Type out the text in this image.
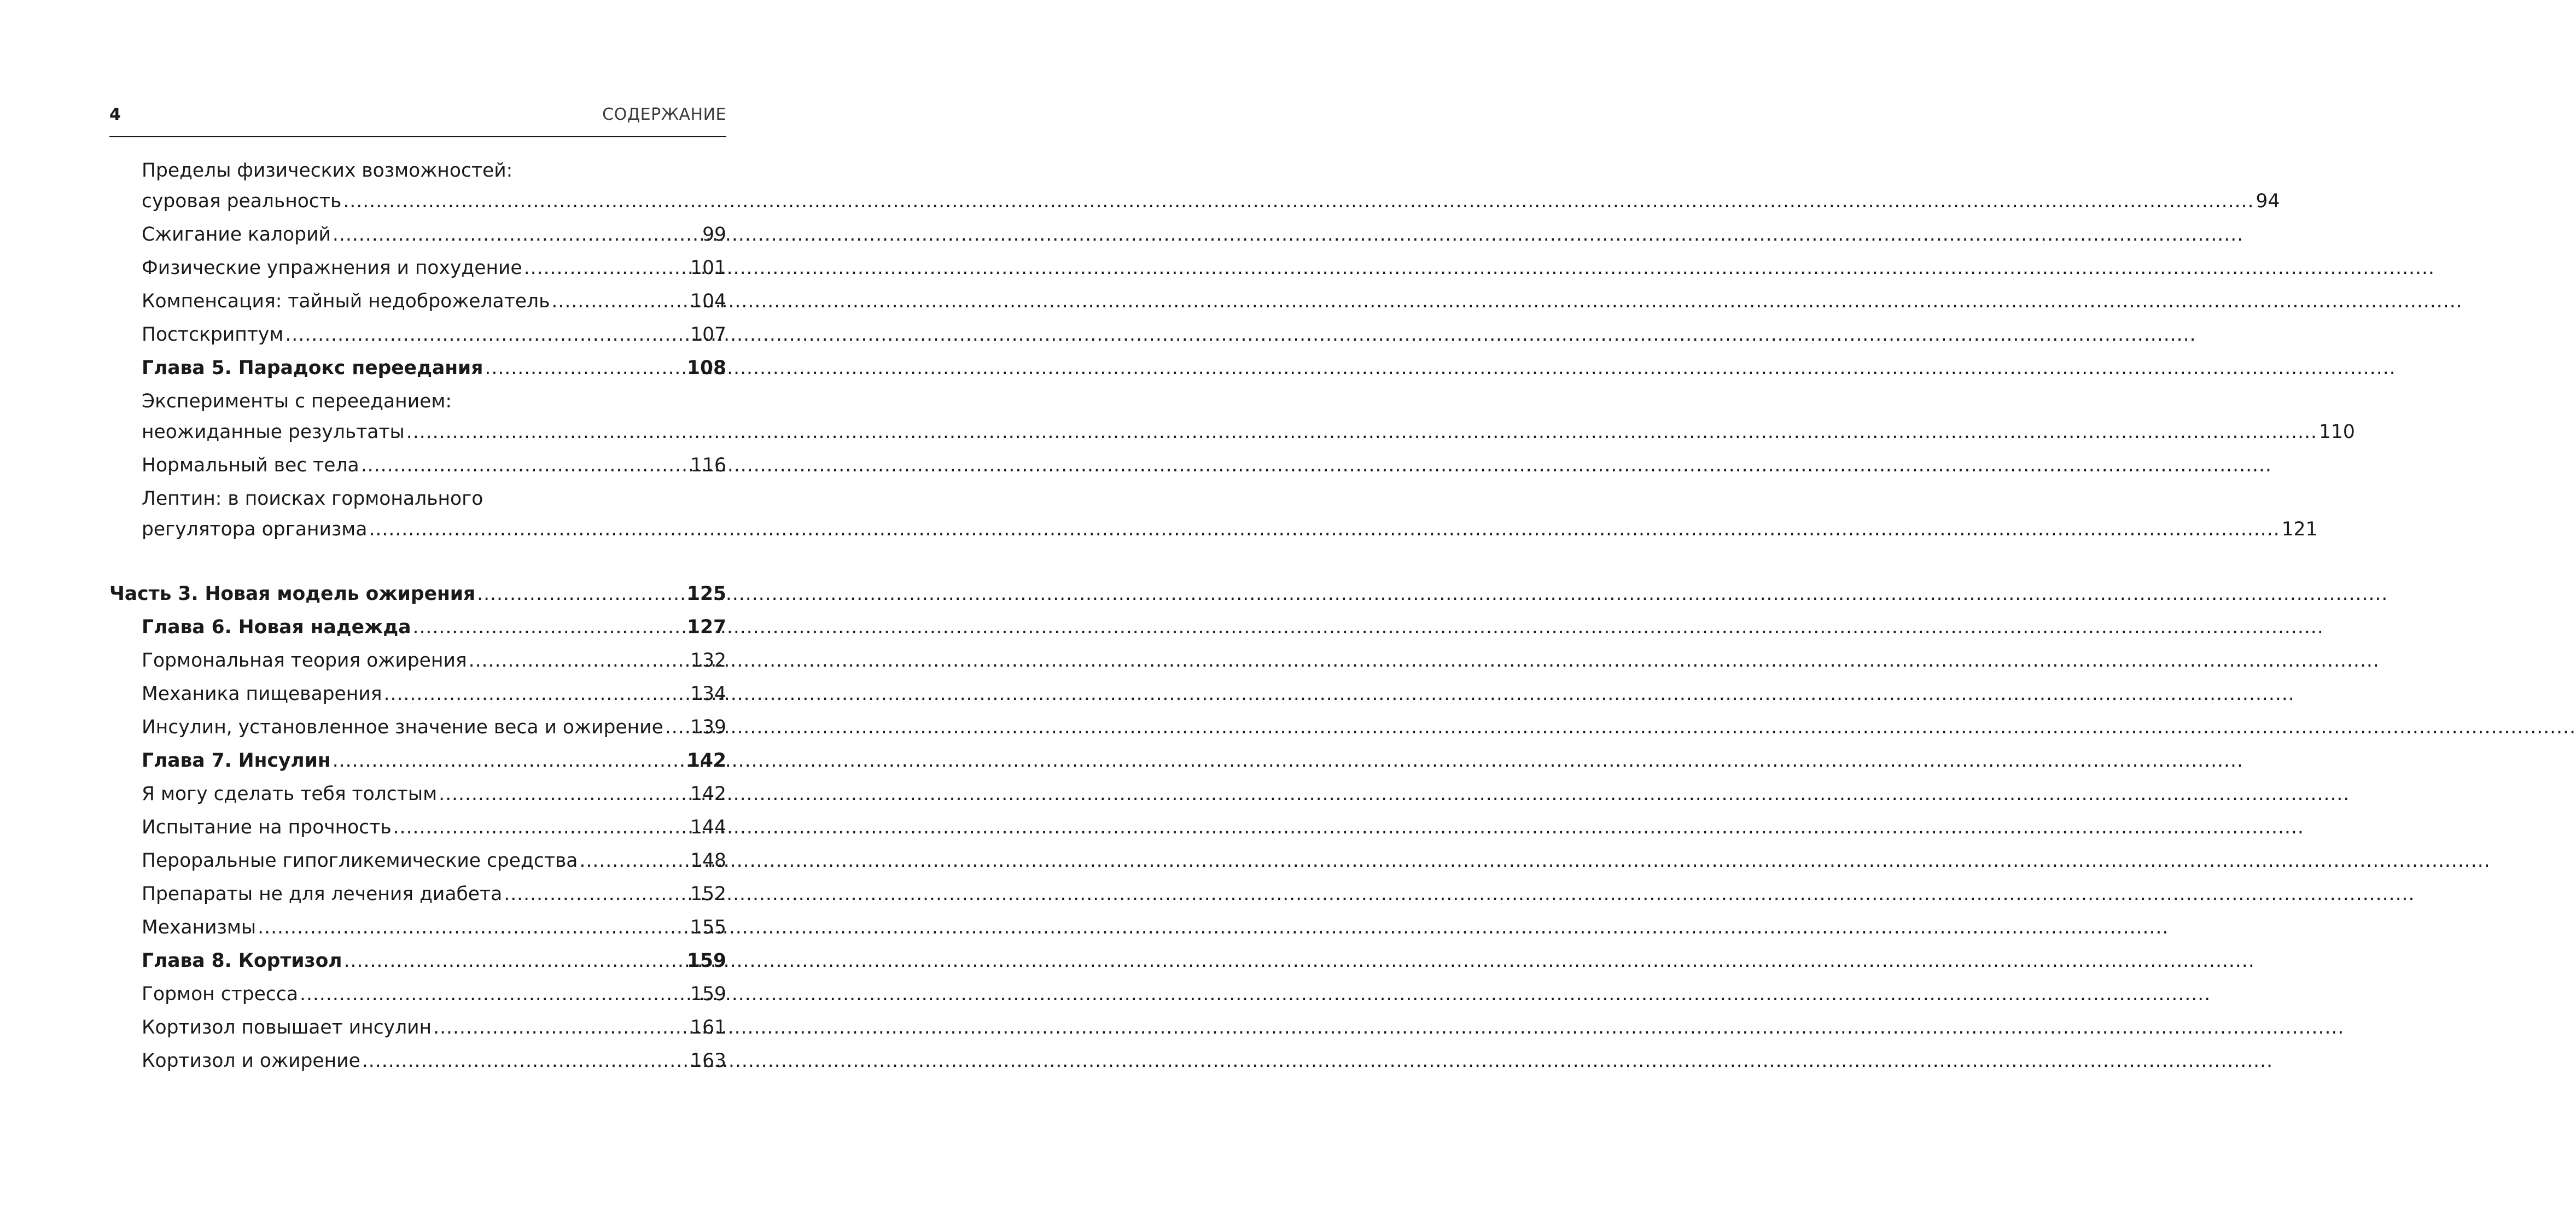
4	СОДЕРЖАНИЕ
Пределы физических возможностей:
суровая реальность .....	94
Сжигание калорий .....	99
Физические упражнения и похудение .....	101
Компенсация: тайный недоброжелатель .....	104
Постскриптум .....	107
Глава 5. Парадокс переедания .....	108
Эксперименты с перееданием:
неожиданные результаты .....	110
Нормальный вес тела .....	116
Лептин: в поисках гормонального
регулятора организма .....	121
Часть 3. Новая модель ожирения .....	125
Глава 6. Новая надежда .....	127
Гормональная теория ожирения .....	132
Механика пищеварения .....	134
Инсулин, установленное значение веса и ожирение ..... 139
Глава 7. Инсулин .....	142
Я могу сделать тебя толстым .....	142
Испытание на прочность .....	144
Пероральные гипогликемические средства .....	148
Препараты не для лечения диабета .....	152
Механизмы .....	155
Глава 8. Кортизол .....	159
Гормон стресса .....	159
Кортизол повышает инсулин .....	161
Кортизол и ожирение .....	163
